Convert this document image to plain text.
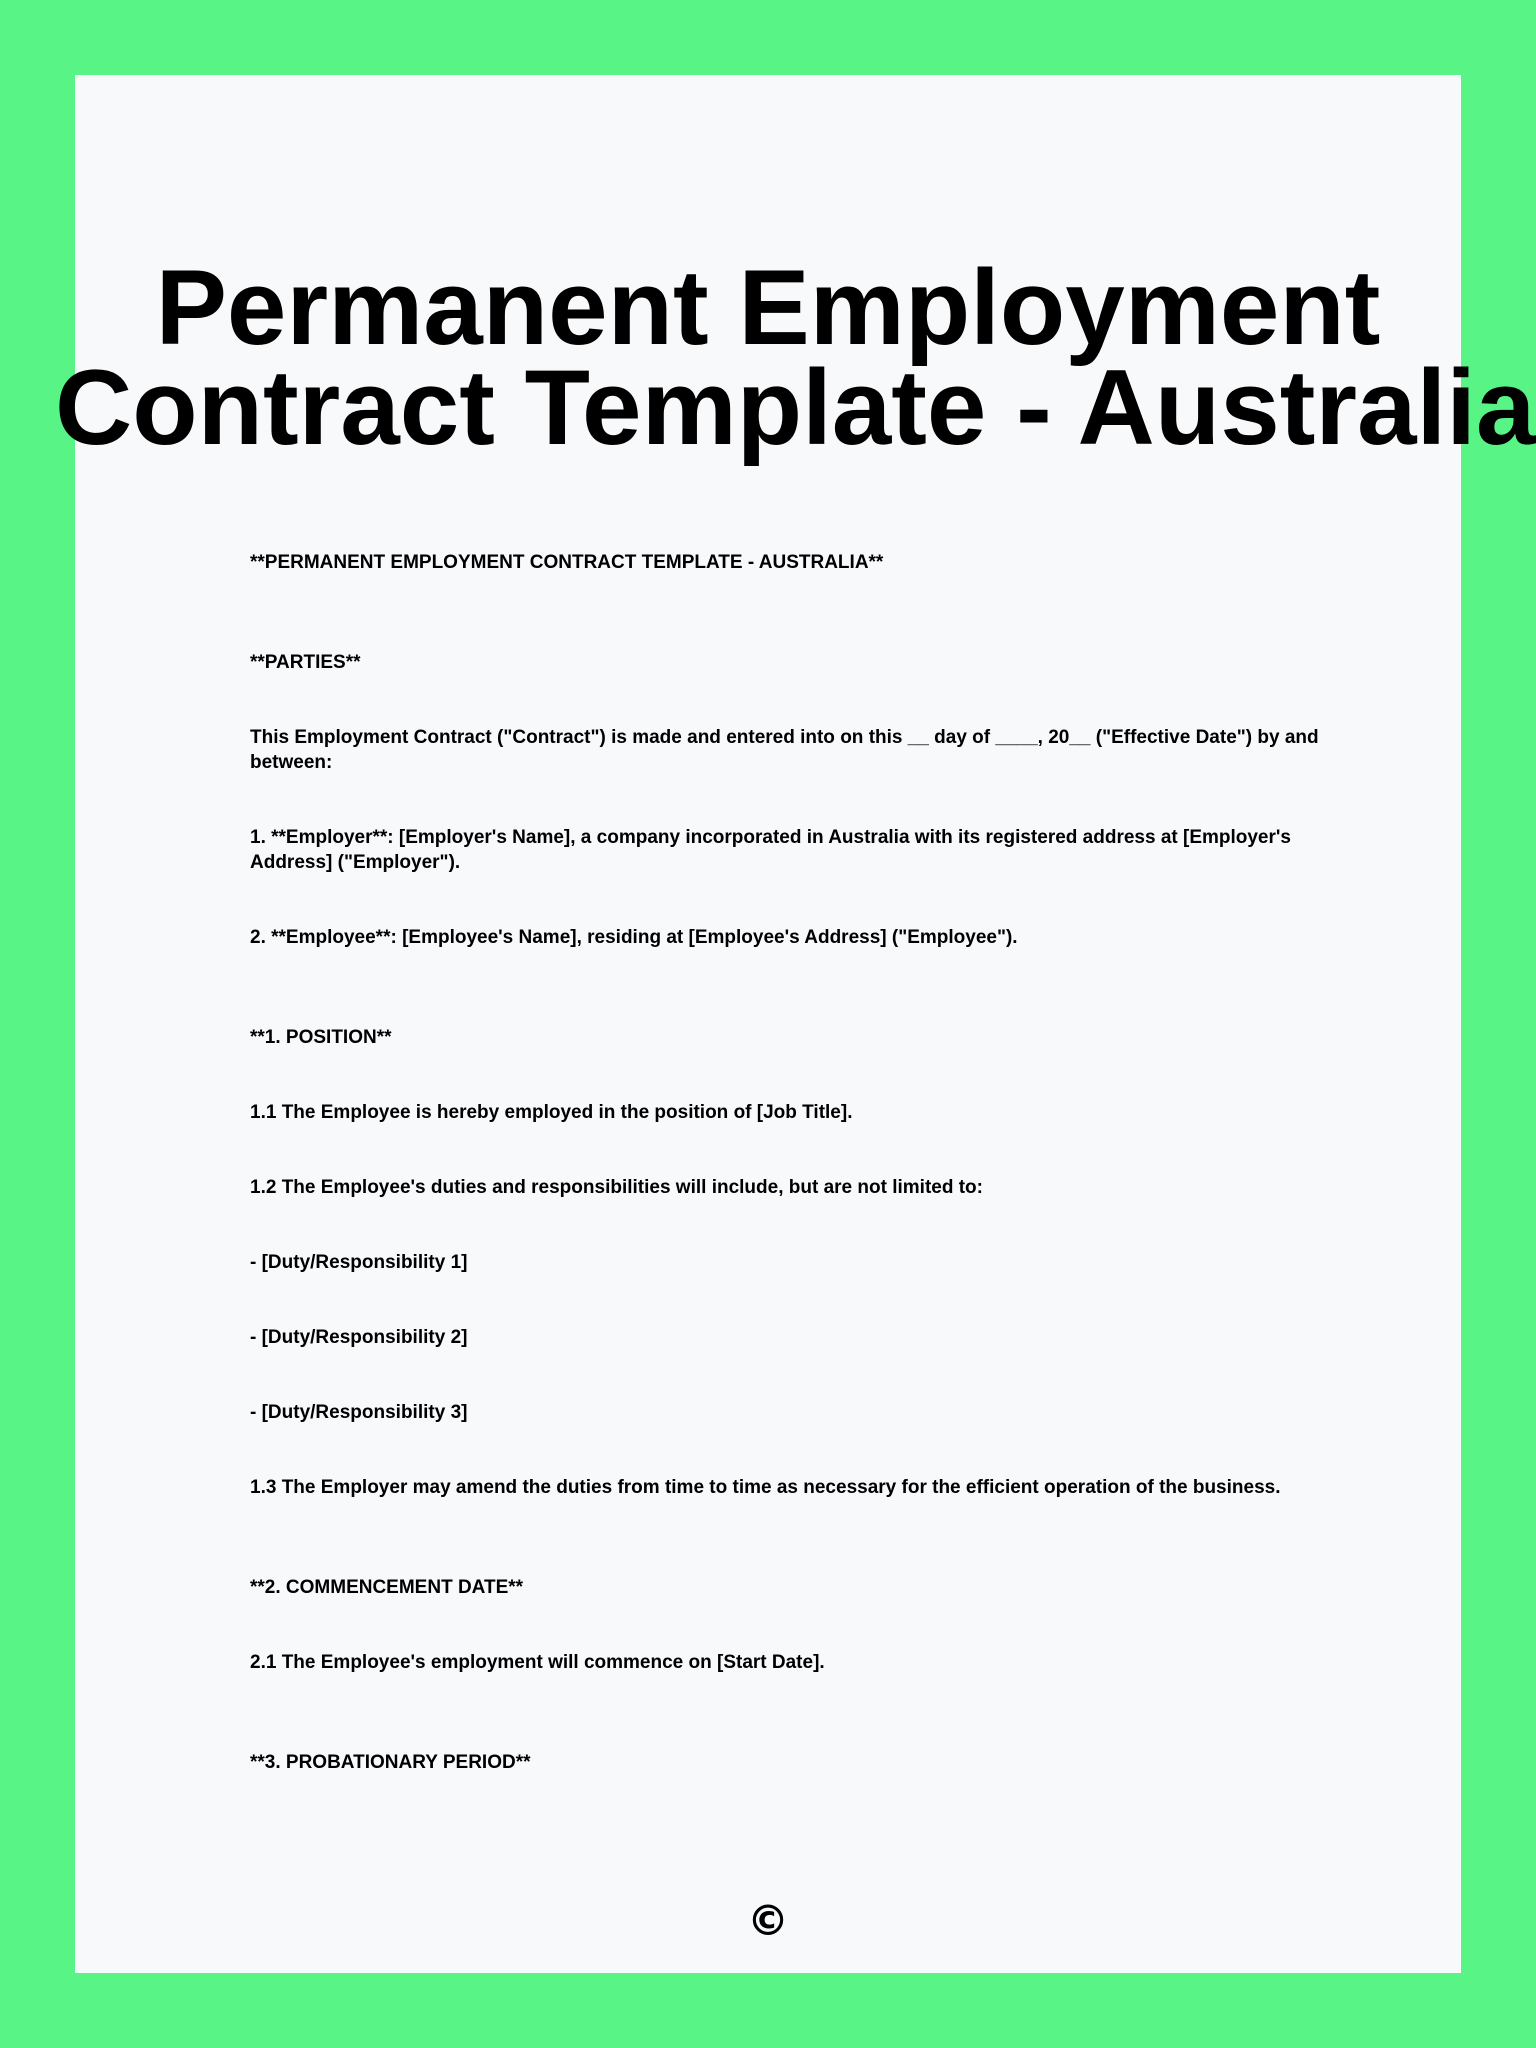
Permanent Employment
Contract Template - Australia

**PERMANENT EMPLOYMENT CONTRACT TEMPLATE - AUSTRALIA**

**PARTIES**

This Employment Contract ("Contract") is made and entered into on this __ day of ____, 20__ ("Effective Date") by and between:

1. **Employer**: [Employer's Name], a company incorporated in Australia with its registered address at [Employer's Address] ("Employer").

2. **Employee**: [Employee's Name], residing at [Employee's Address] ("Employee").

**1. POSITION**

1.1 The Employee is hereby employed in the position of [Job Title].

1.2 The Employee's duties and responsibilities will include, but are not limited to:

- [Duty/Responsibility 1]

- [Duty/Responsibility 2]

- [Duty/Responsibility 3]

1.3 The Employer may amend the duties from time to time as necessary for the efficient operation of the business.

**2. COMMENCEMENT DATE**

2.1 The Employee's employment will commence on [Start Date].

**3. PROBATIONARY PERIOD**

©
